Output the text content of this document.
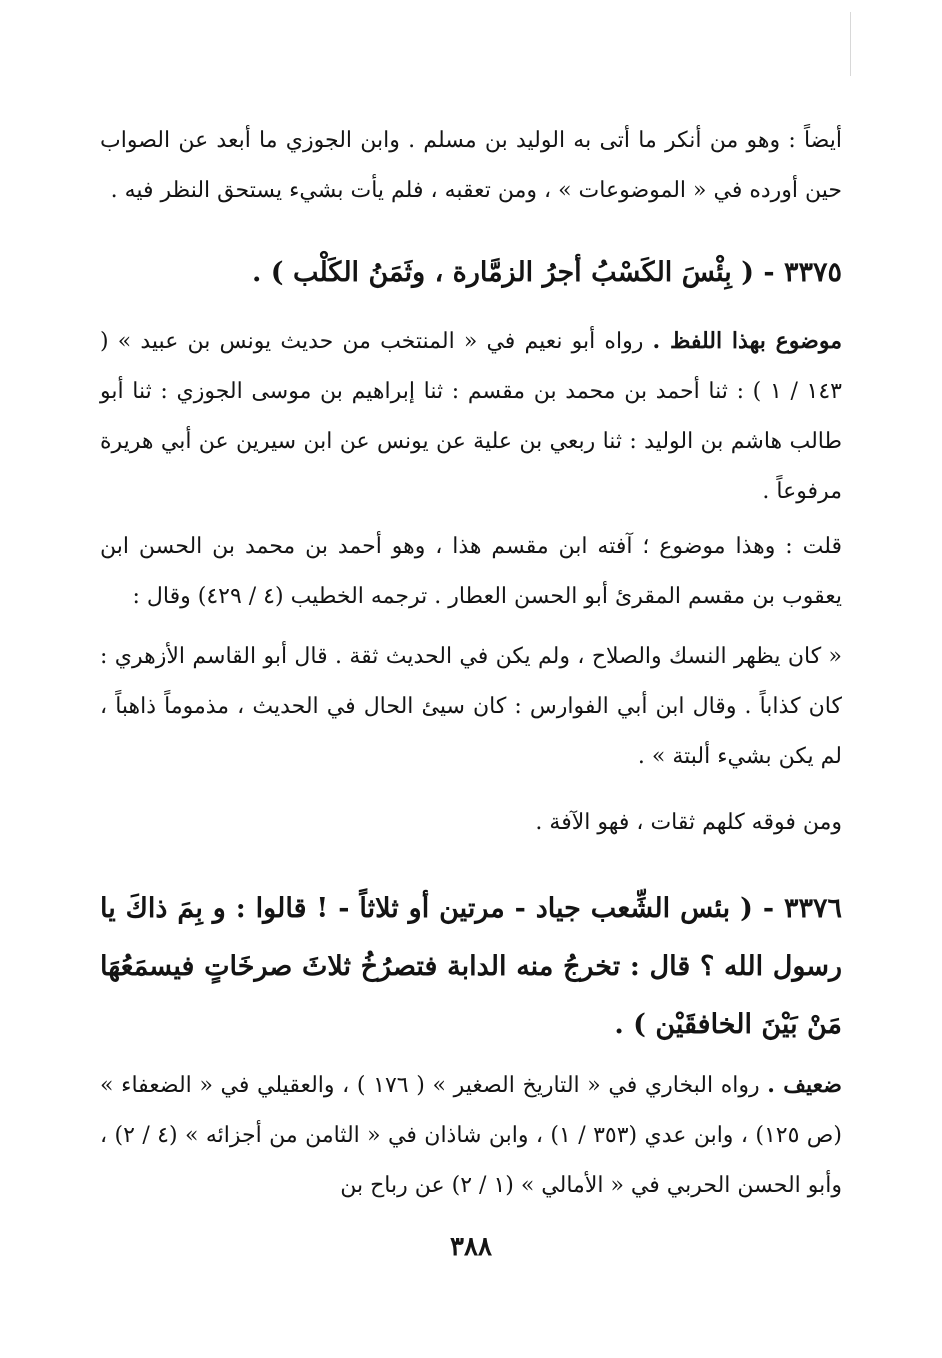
أيضاً : وهو من أنكر ما أتى به الوليد بن مسلم . وابن الجوزي ما أبعد عن الصواب حين أورده في « الموضوعات » ، ومن تعقبه ، فلم يأت بشيء يستحق النظر فيه .

٣٣٧٥ - ( بِئْسَ الكَسْبُ أجرُ الزمَّارة ، وثَمَنُ الكَلْب ) .

موضوع بهذا اللفظ . رواه أبو نعيم في « المنتخب من حديث يونس بن عبيد » ( ١٤٣ / ١ ) : ثنا أحمد بن محمد بن مقسم : ثنا إبراهيم بن موسى الجوزي : ثنا أبو طالب هاشم بن الوليد : ثنا ربعي بن علية عن يونس عن ابن سيرين عن أبي هريرة مرفوعاً .

قلت : وهذا موضوع ؛ آفته ابن مقسم هذا ، وهو أحمد بن محمد بن الحسن ابن يعقوب بن مقسم المقرئ أبو الحسن العطار . ترجمه الخطيب (٤ / ٤٢٩) وقال :

« كان يظهر النسك والصلاح ، ولم يكن في الحديث ثقة . قال أبو القاسم الأزهري : كان كذاباً . وقال ابن أبي الفوارس : كان سيئ الحال في الحديث ، مذموماً ذاهباً ، لم يكن بشيء ألبتة » .

ومن فوقه كلهم ثقات ، فهو الآفة .

٣٣٧٦ - ( بئس الشِّعب جياد - مرتين أو ثلاثاً - ! قالوا : و بِمَ ذاكَ يا رسول الله ؟ قال : تخرجُ منه الدابة فتصرُخُ ثلاثَ صرخَاتٍ فيسمَعُهَا مَنْ بَيْنَ الخافقَيْن ) .

ضعيف . رواه البخاري في « التاريخ الصغير » ( ١٧٦ ) ، والعقيلي في « الضعفاء » (ص ١٢٥) ، وابن عدي (٣٥٣ / ١) ، وابن شاذان في « الثامن من أجزائه » (٤ / ٢) ، وأبو الحسن الحربي في « الأمالي » (١ / ٢) عن رباح بن

٣٨٨
